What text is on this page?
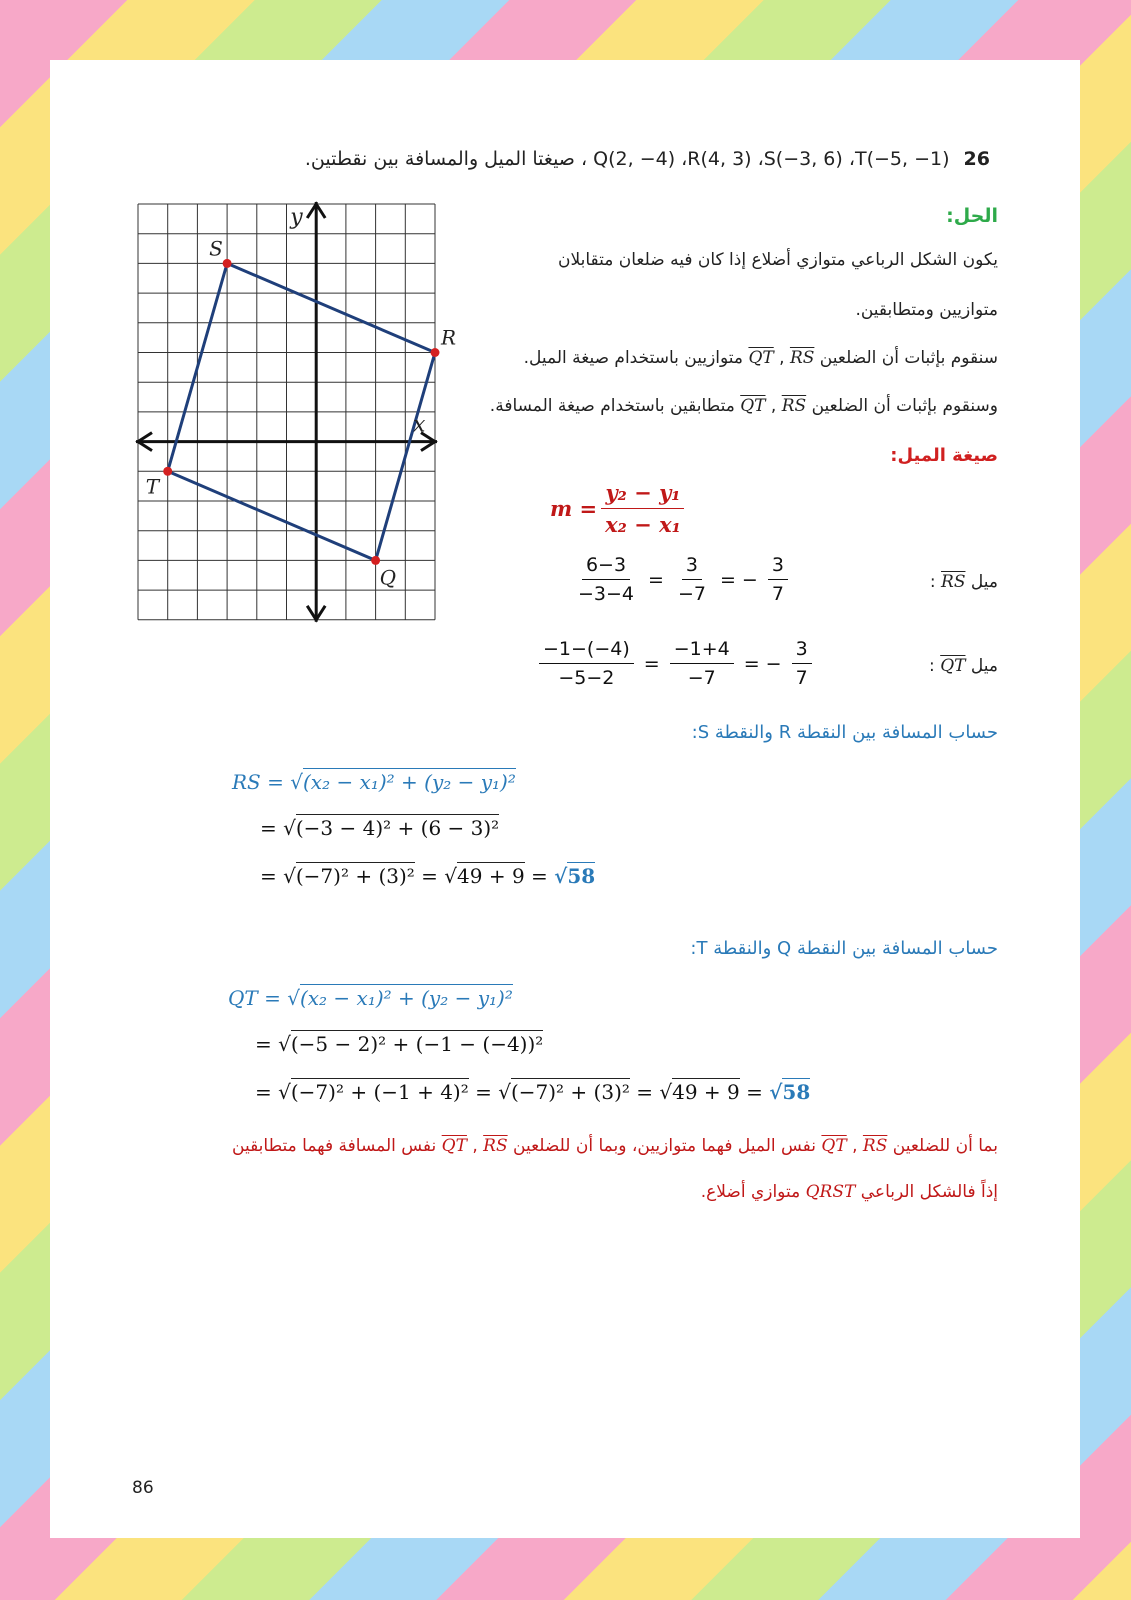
26 Q(2, −4) ،R(4, 3) ،S(−3, 6) ،T(−5, −1) ، صيغتا الميل والمسافة بين نقطتين.
S
R
Q
T
x
y	الحل:
يكون الشكل الرباعي متوازي أضلاع إذا كان فيه ضلعان متقابلان
متوازيين ومتطابقين.
سنقوم بإثبات أن الضلعين QT , RS متوازيين باستخدام صيغة الميل.
وسنقوم بإثبات أن الضلعين QT , RS متطابقين باستخدام صيغة المسافة.
صيغة الميل:
$m = \frac{\text{y₂ − y₁}}{\text{x₂ − x₁}}$
ميل RS :
$\frac{6-3}{-3-4} = \frac{3}{-7}$ = − $\frac{3}{7}$
ميل QT :
$\frac{-1-(-4)}{-5-2} = \frac{-1+4}{-7}$ = − $\frac{3}{7}$
حساب المسافة بين النقطة R والنقطة S:
RS = √(x₂ − x₁)² + (y₂ − y₁)²
= √(−3 − 4)² + (6 − 3)²
= √(−7)² + (3)² = √49 + 9 = √58
حساب المسافة بين النقطة Q والنقطة T:
QT = √(x₂ − x₁)² + (y₂ − y₁)²
= √(−5 − 2)² + (−1 − (−4))²
= √(−7)² + (−1 + 4)² = √(−7)² + (3)² = √49 + 9 = √58
بما أن للضلعين QT , RS نفس الميل فهما متوازيين، وبما أن للضلعين QT , RS نفس المسافة فهما متطابقين
إذاً فالشكل الرباعي QRST متوازي أضلاع.
86
